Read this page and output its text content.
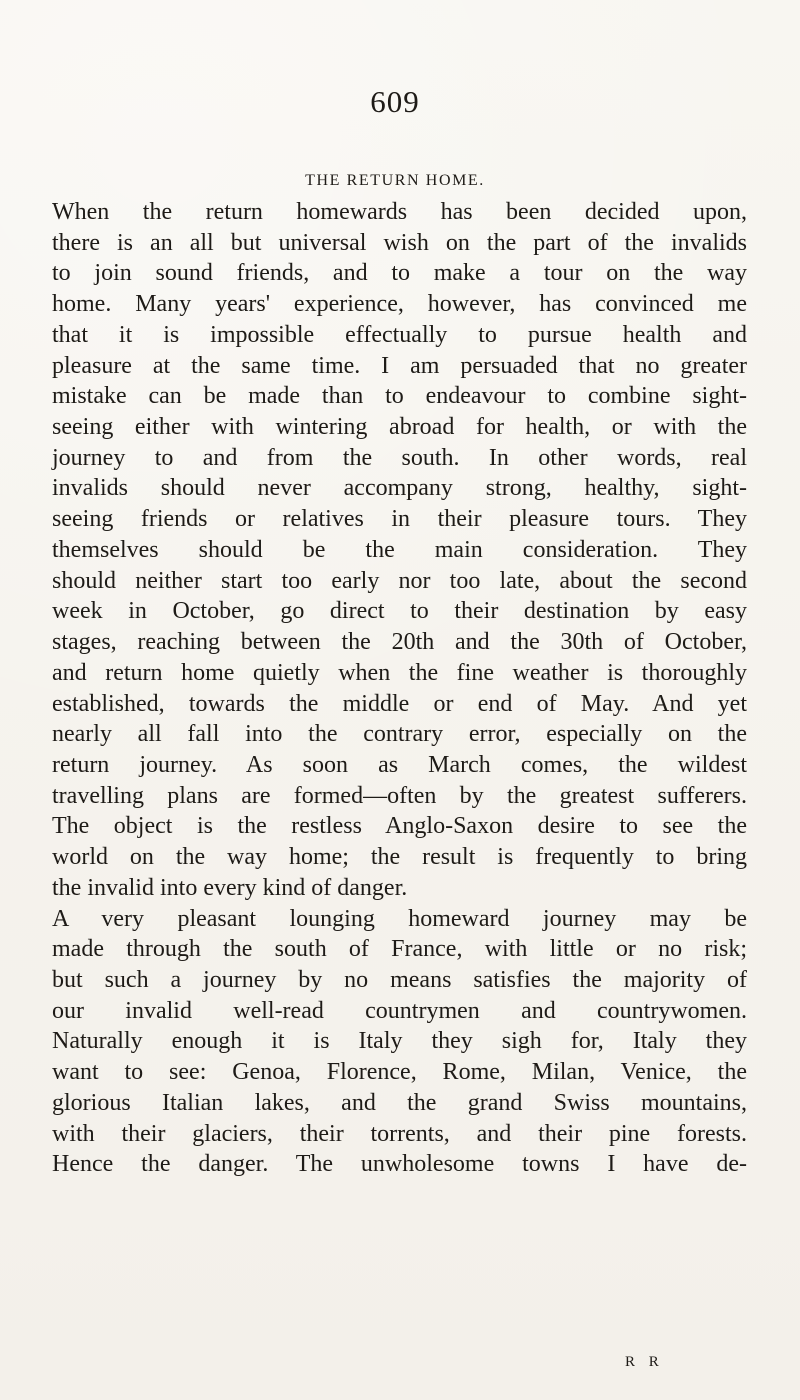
609
THE RETURN HOME.
When the return homewards has been decided upon,
there is an all but universal wish on the part of the invalids
to join sound friends, and to make a tour on the way
home. Many years' experience, however, has convinced me
that it is impossible effectually to pursue health and
pleasure at the same time. I am persuaded that no greater
mistake can be made than to endeavour to combine sight-
seeing either with wintering abroad for health, or with the
journey to and from the south. In other words, real
invalids should never accompany strong, healthy, sight-
seeing friends or relatives in their pleasure tours. They
themselves should be the main consideration. They
should neither start too early nor too late, about the second
week in October, go direct to their destination by easy
stages, reaching between the 20th and the 30th of October,
and return home quietly when the fine weather is thoroughly
established, towards the middle or end of May. And yet
nearly all fall into the contrary error, especially on the
return journey. As soon as March comes, the wildest
travelling plans are formed—often by the greatest sufferers.
The object is the restless Anglo-Saxon desire to see the
world on the way home; the result is frequently to bring
the invalid into every kind of danger.
A very pleasant lounging homeward journey may be
made through the south of France, with little or no risk;
but such a journey by no means satisfies the majority of
our invalid well-read countrymen and countrywomen.
Naturally enough it is Italy they sigh for, Italy they
want to see: Genoa, Florence, Rome, Milan, Venice, the
glorious Italian lakes, and the grand Swiss mountains,
with their glaciers, their torrents, and their pine forests.
Hence the danger. The unwholesome towns I have de-
R R
